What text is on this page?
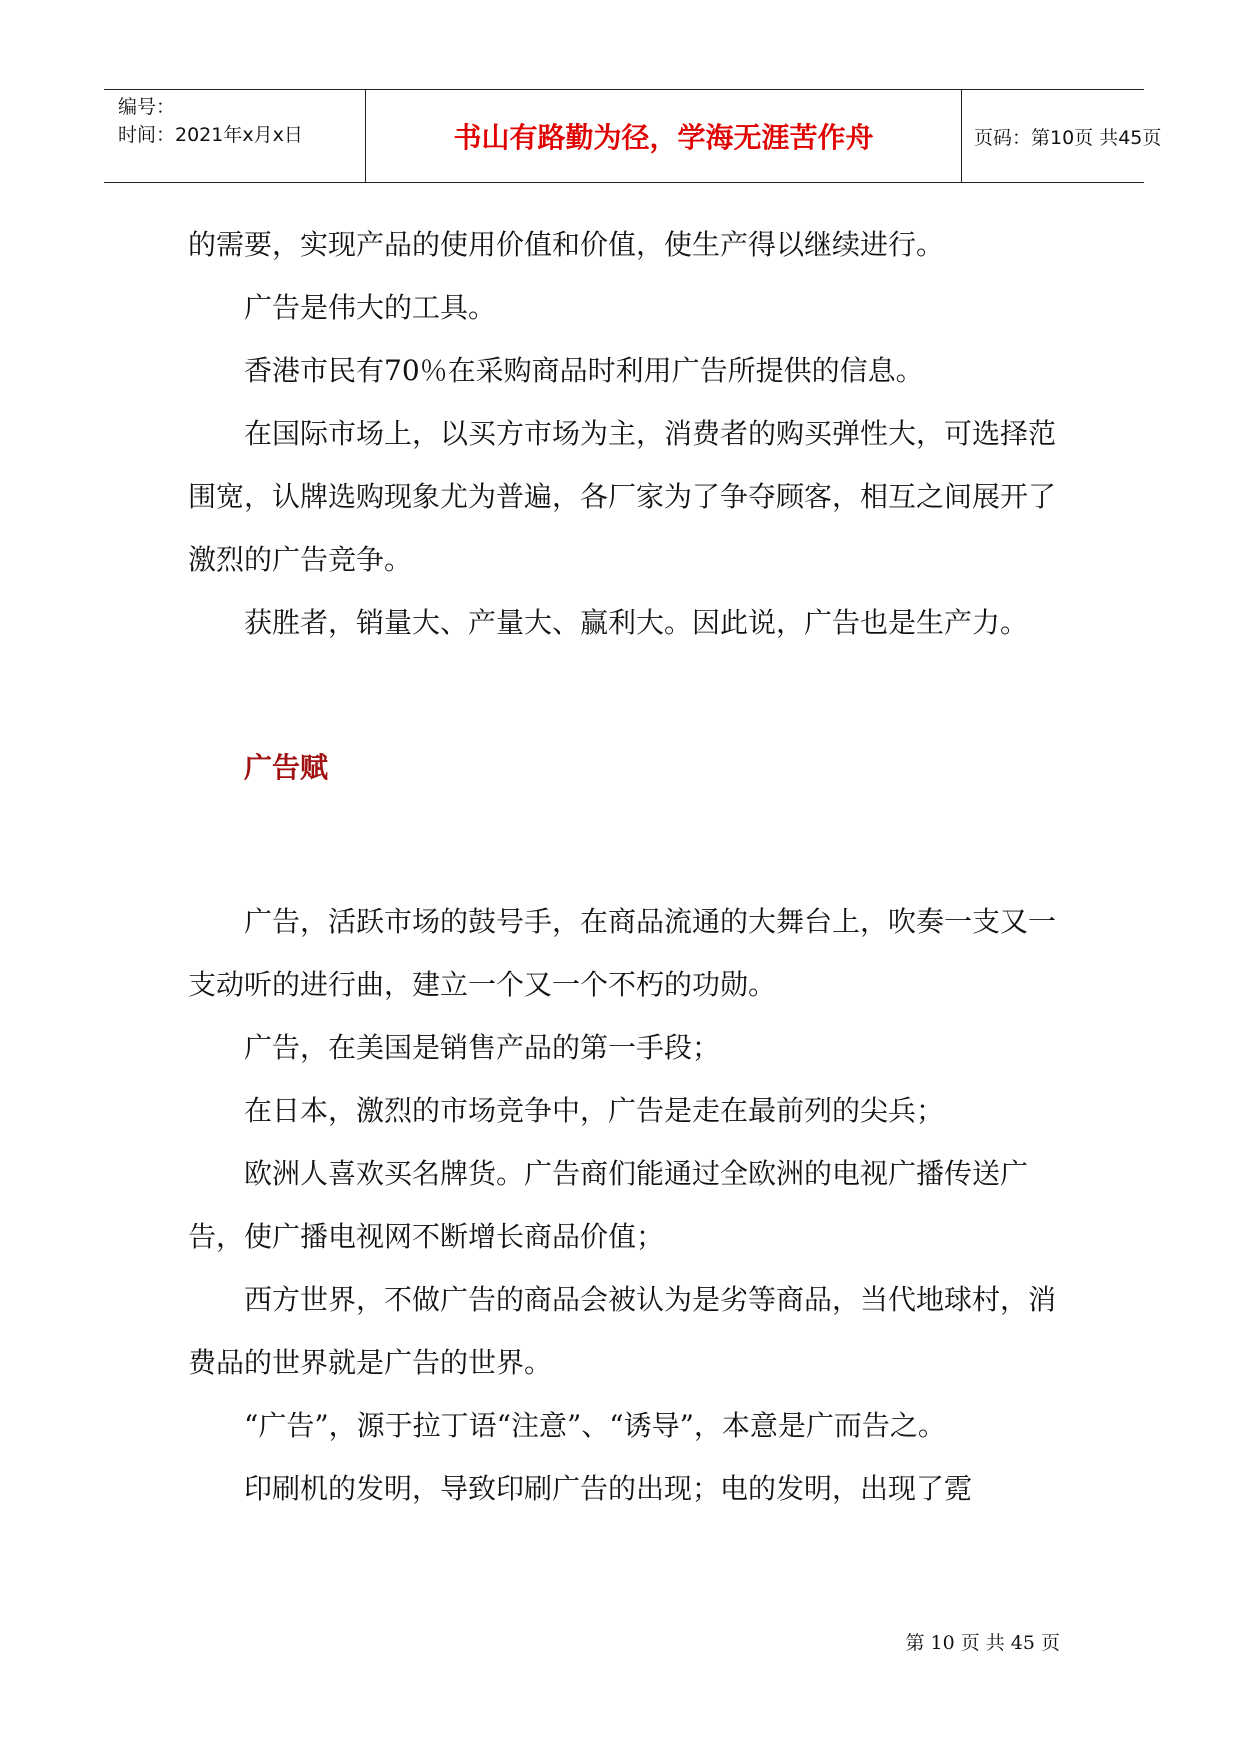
编号：
时间：2021年x月x日	书山有路勤为径，学海无涯苦作舟	页码：第10页 共45页

的需要，实现产品的使用价值和价值，使生产得以继续进行。

广告是伟大的工具。

香港市民有70％在采购商品时利用广告所提供的信息。

在国际市场上，以买方市场为主，消费者的购买弹性大，可选择范围宽，认牌选购现象尤为普遍，各厂家为了争夺顾客，相互之间展开了激烈的广告竞争。

获胜者，销量大、产量大、赢利大。因此说，广告也是生产力。

广告赋

广告，活跃市场的鼓号手，在商品流通的大舞台上，吹奏一支又一支动听的进行曲，建立一个又一个不朽的功勋。

广告，在美国是销售产品的第一手段；

在日本，激烈的市场竞争中，广告是走在最前列的尖兵；

欧洲人喜欢买名牌货。广告商们能通过全欧洲的电视广播传送广告，使广播电视网不断增长商品价值；

西方世界，不做广告的商品会被认为是劣等商品，当代地球村，消费品的世界就是广告的世界。

“广告”，源于拉丁语“注意”、“诱导”，本意是广而告之。

印刷机的发明，导致印刷广告的出现；电的发明，出现了霓

第 10 页 共 45 页
